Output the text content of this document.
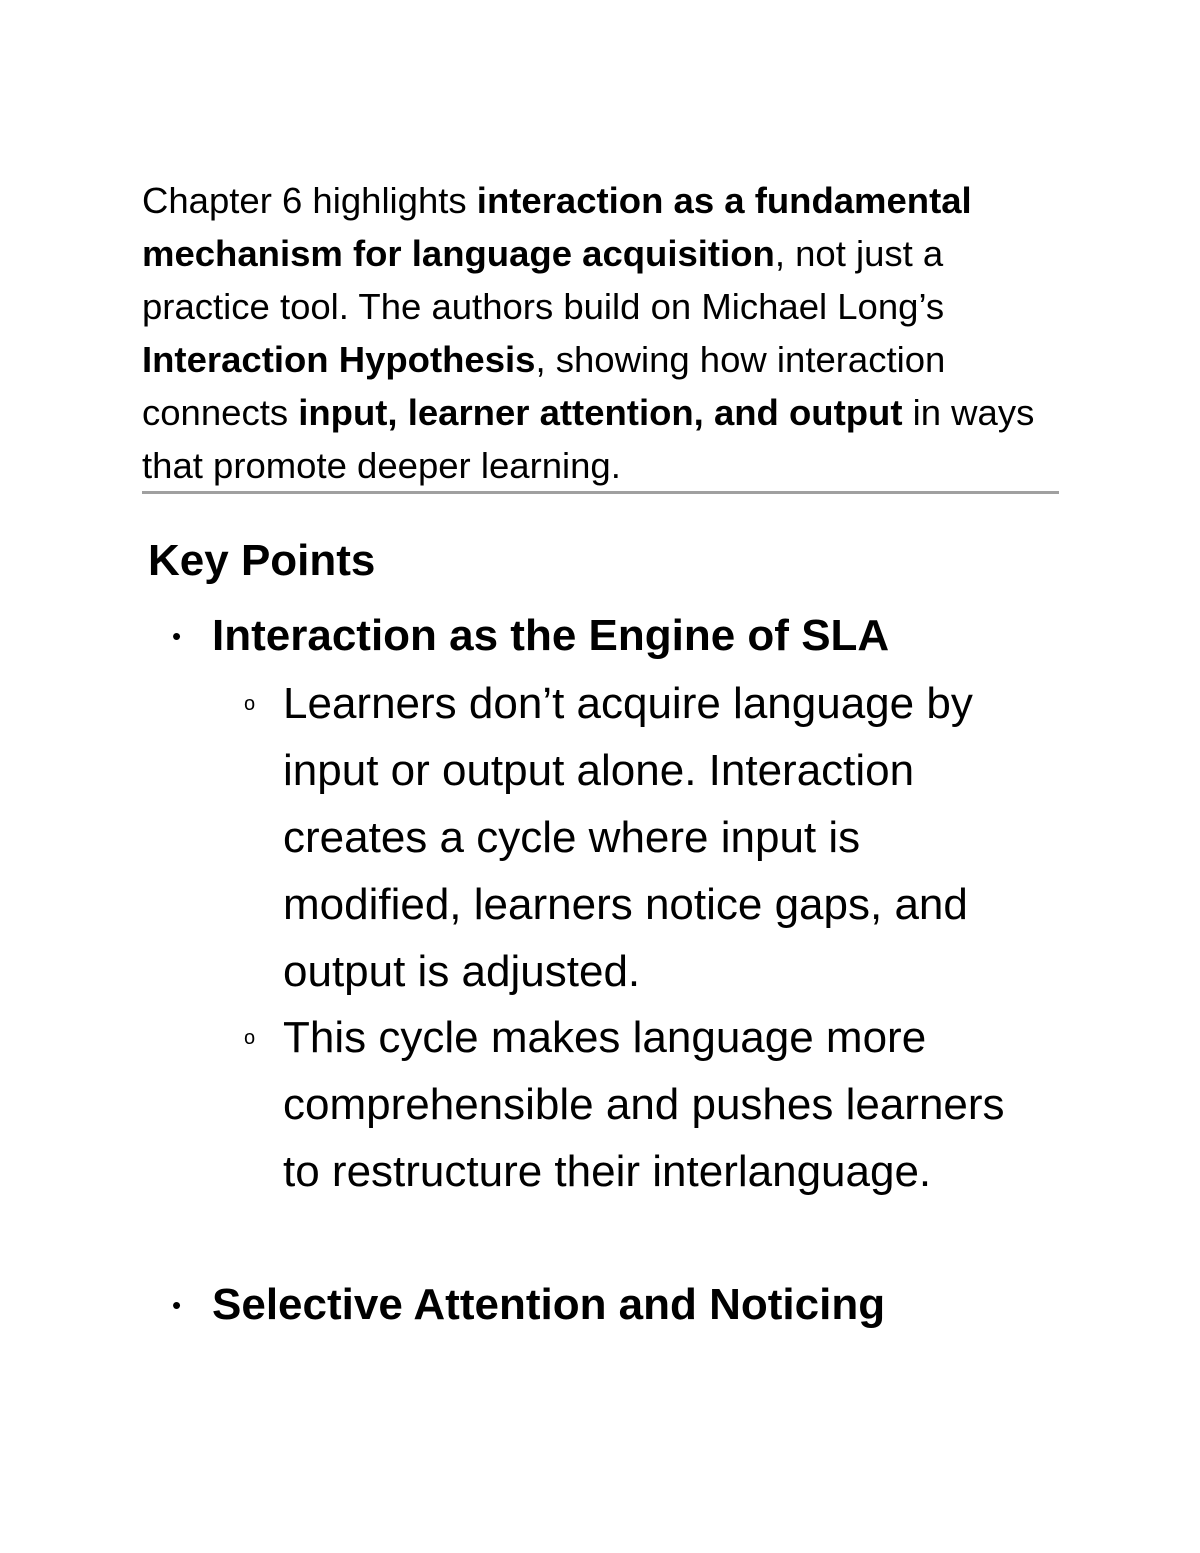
Chapter 6 highlights interaction as a fundamental mechanism for language acquisition, not just a practice tool. The authors build on Michael Long’s Interaction Hypothesis, showing how interaction connects input, learner attention, and output in ways that promote deeper learning.

Key Points
• Interaction as the Engine of SLA
o Learners don’t acquire language by input or output alone. Interaction creates a cycle where input is modified, learners notice gaps, and output is adjusted.
o This cycle makes language more comprehensible and pushes learners to restructure their interlanguage.
• Selective Attention and Noticing
